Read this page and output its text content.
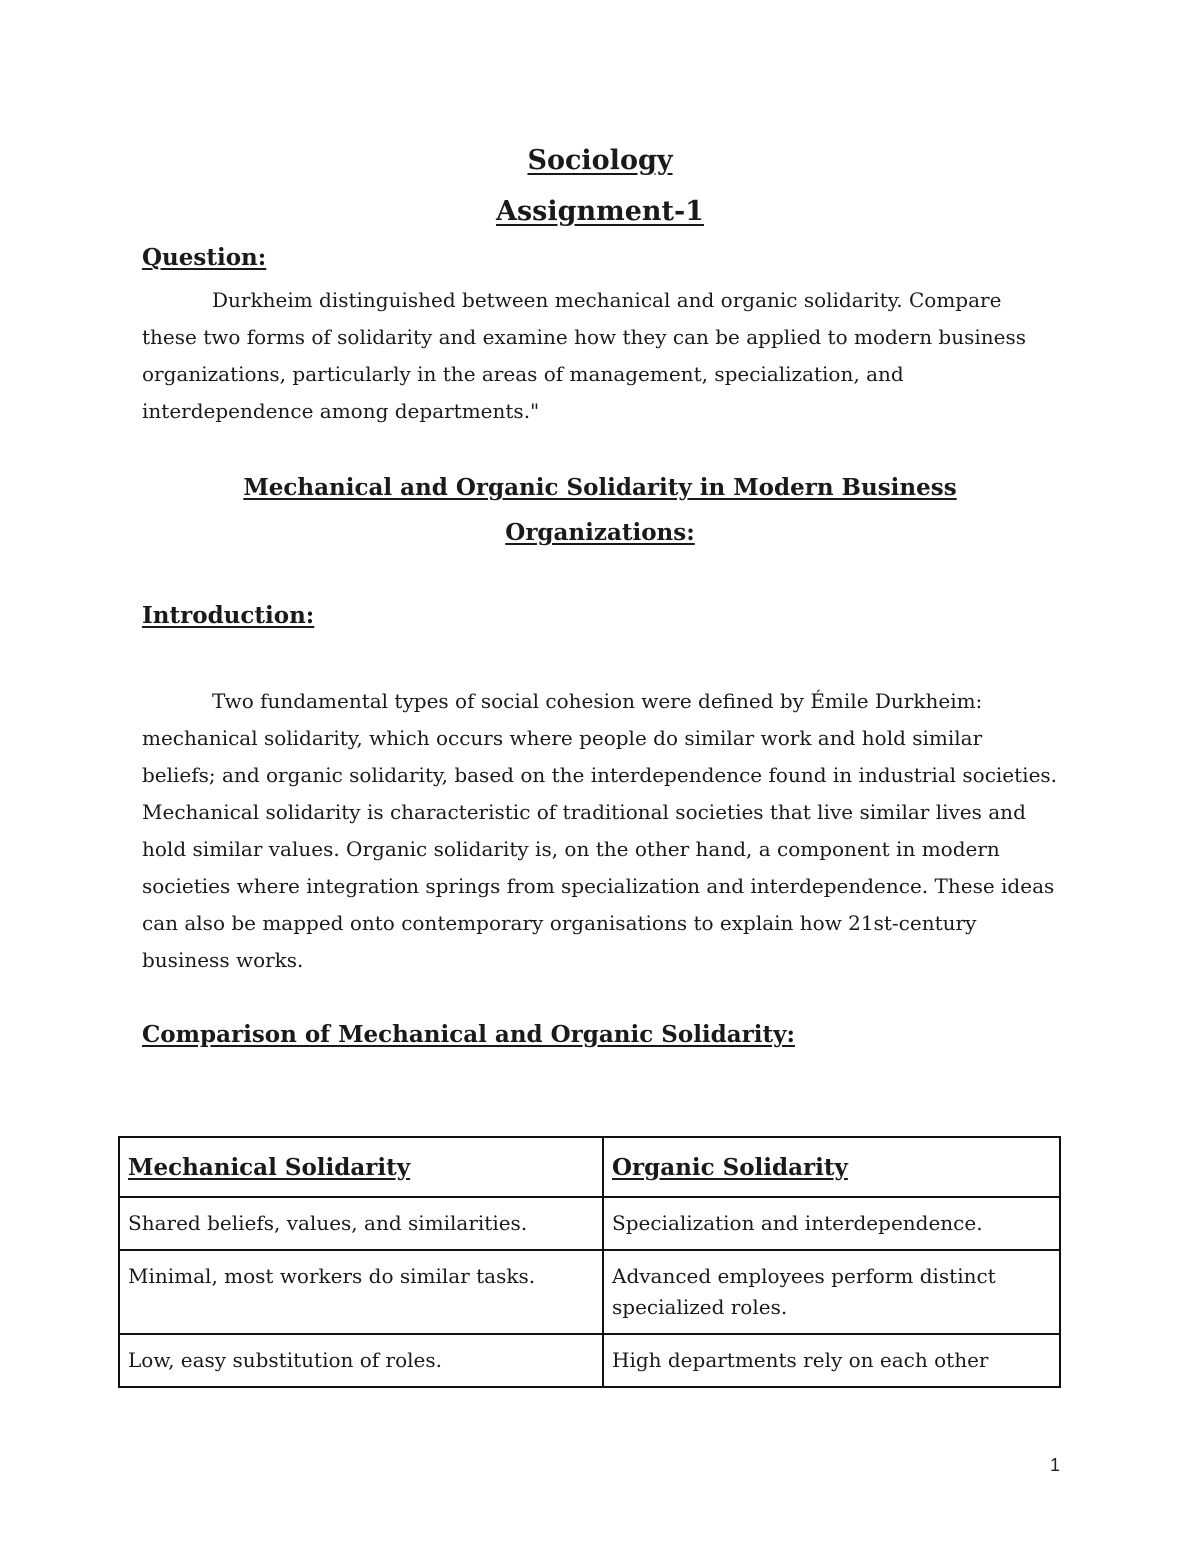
Sociology
Assignment-1
Question:

Durkheim distinguished between mechanical and organic solidarity. Compare these two forms of solidarity and examine how they can be applied to modern business organizations, particularly in the areas of management, specialization, and interdependence among departments."

Mechanical and Organic Solidarity in Modern Business
Organizations:
Introduction:

Two fundamental types of social cohesion were defined by Émile Durkheim: mechanical solidarity, which occurs where people do similar work and hold similar beliefs; and organic solidarity, based on the interdependence found in industrial societies. Mechanical solidarity is characteristic of traditional societies that live similar lives and hold similar values. Organic solidarity is, on the other hand, a component in modern societies where integration springs from specialization and interdependence. These ideas can also be mapped onto contemporary organisations to explain how 21st-century business works.

Comparison of Mechanical and Organic Solidarity:
Mechanical Solidarity	Organic Solidarity
Shared beliefs, values, and similarities.	Specialization and interdependence.
Minimal, most workers do similar tasks.	Advanced employees perform distinct specialized roles.
Low, easy substitution of roles.	High departments rely on each other
1
